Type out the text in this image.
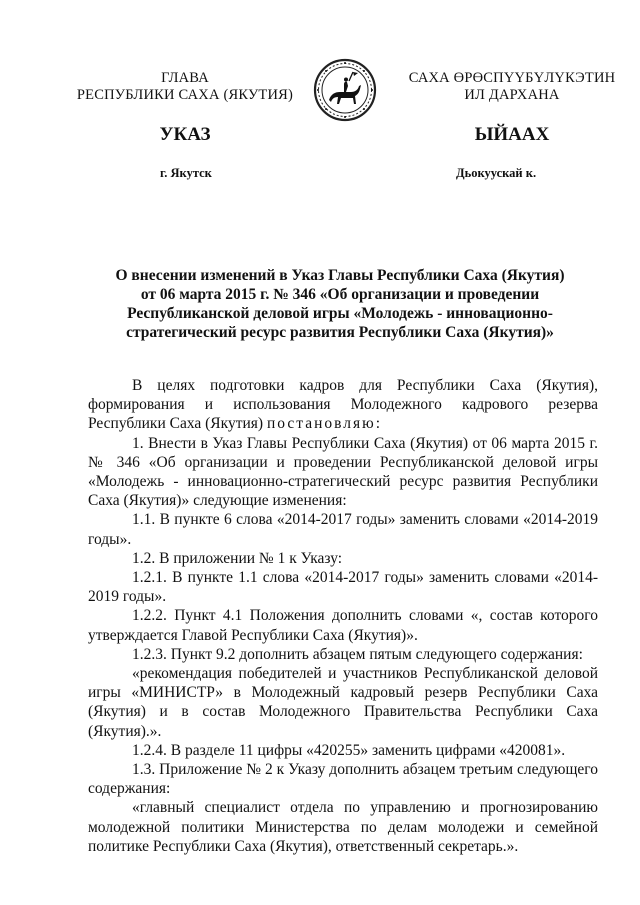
ГЛАВА
РЕСПУБЛИКИ САХА (ЯКУТИЯ)
САХА ӨРӨСПҮҮБҮЛҮКЭТИН
ИЛ ДАРХАНА
УКАЗ	ЫЙААХ
г. Якутск	Дьокуускай к.
О внесении изменений в Указ Главы Республики Саха (Якутия)
от 06 марта 2015 г. № 346 «Об организации и проведении
Республиканской деловой игры «Молодежь - инновационно-
стратегический ресурс развития Республики Саха (Якутия)»

В целях подготовки кадров для Республики Саха (Якутия), формирования и использования Молодежного кадрового резерва Республики Саха (Якутия) постановляю:

1. Внести в Указ Главы Республики Саха (Якутия) от 06 марта 2015 г. № 346 «Об организации и проведении Республиканской деловой игры «Молодежь - инновационно-стратегический ресурс развития Республики Саха (Якутия)» следующие изменения:

1.1. В пункте 6 слова «2014-2017 годы» заменить словами «2014-2019 годы».

1.2. В приложении № 1 к Указу:

1.2.1. В пункте 1.1 слова «2014-2017 годы» заменить словами «2014- 2019 годы».

1.2.2. Пункт 4.1 Положения дополнить словами «, состав которого утверждается Главой Республики Саха (Якутия)».

1.2.3. Пункт 9.2 дополнить абзацем пятым следующего содержания:

«рекомендация победителей и участников Республиканской деловой игры «МИНИСТР» в Молодежный кадровый резерв Республики Саха (Якутия) и в состав Молодежного Правительства Республики Саха (Якутия).».

1.2.4. В разделе 11 цифры «420255» заменить цифрами «420081».

1.3. Приложение № 2 к Указу дополнить абзацем третьим следующего содержания:

«главный специалист отдела по управлению и прогнозированию молодежной политики Министерства по делам молодежи и семейной политике Республики Саха (Якутия), ответственный секретарь.».
